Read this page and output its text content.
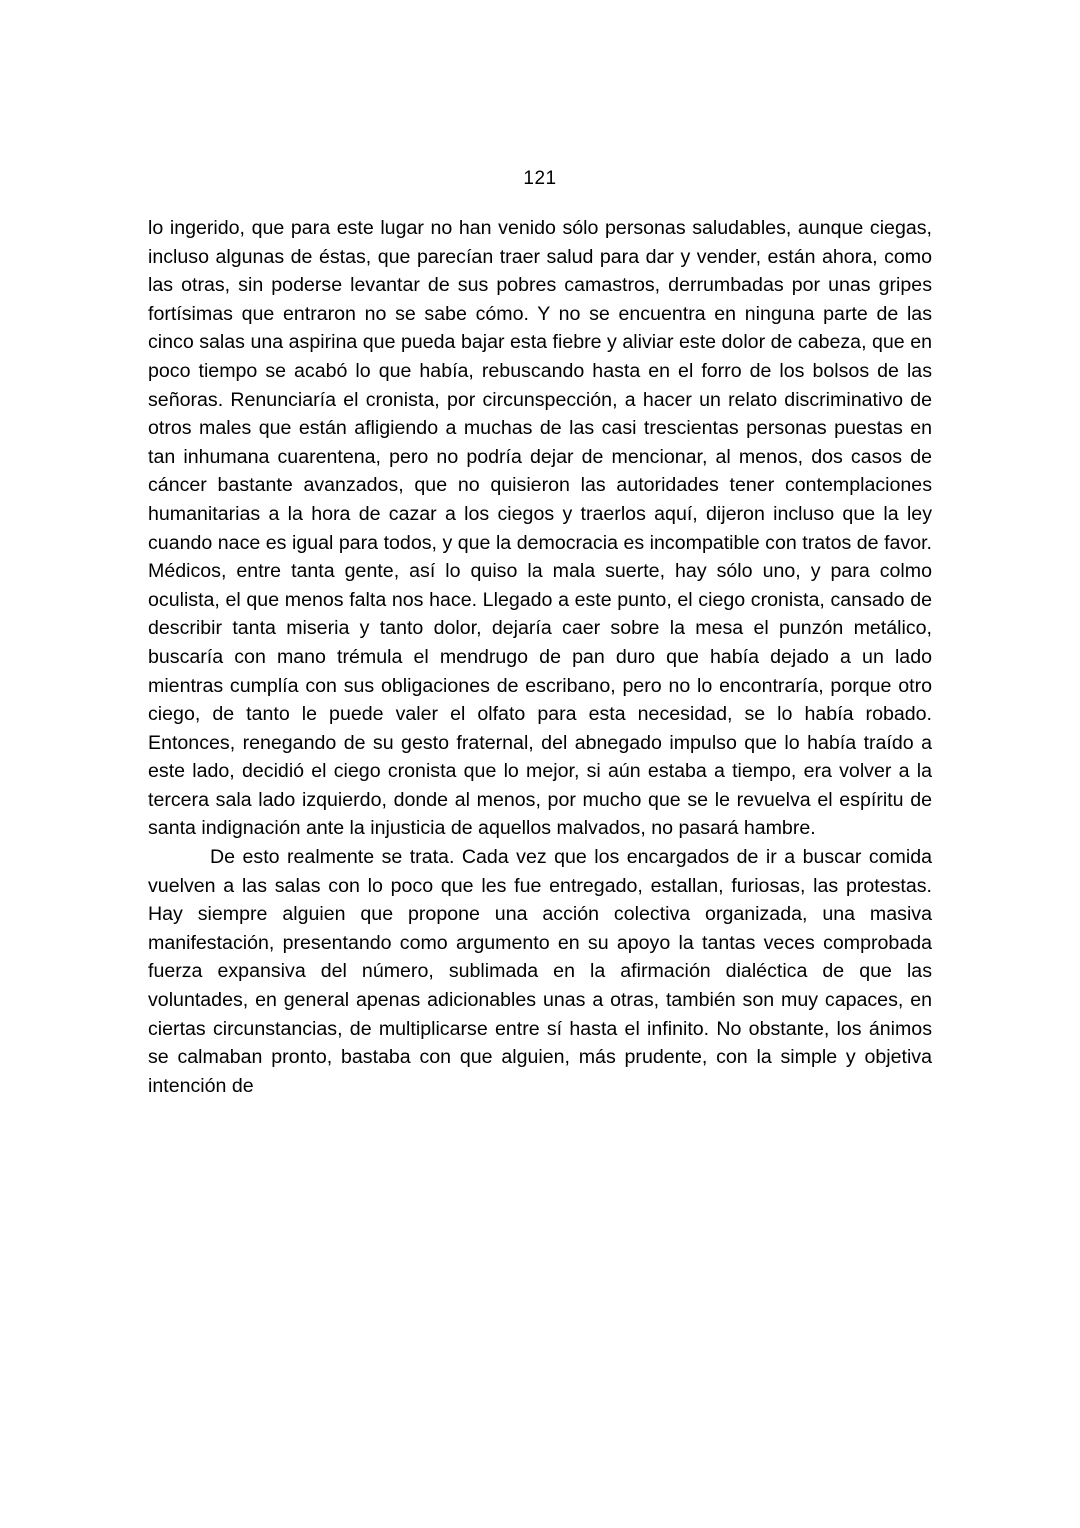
121

lo ingerido, que para este lugar no han venido sólo personas saludables, aunque ciegas, incluso algunas de éstas, que parecían traer salud para dar y vender, están ahora, como las otras, sin poderse levantar de sus pobres camastros, derrumbadas por unas gripes fortísimas que entraron no se sabe cómo. Y no se encuentra en ninguna parte de las cinco salas una aspirina que pueda bajar esta fiebre y aliviar este dolor de cabeza, que en poco tiempo se acabó lo que había, rebuscando hasta en el forro de los bolsos de las señoras. Renunciaría el cronista, por circunspección, a hacer un relato discriminativo de otros males que están afligiendo a muchas de las casi trescientas personas puestas en tan inhumana cuarentena, pero no podría dejar de mencionar, al menos, dos casos de cáncer bastante avanzados, que no quisieron las autoridades tener contemplaciones humanitarias a la hora de cazar a los ciegos y traerlos aquí, dijeron incluso que la ley cuando nace es igual para todos, y que la democracia es incompatible con tratos de favor. Médicos, entre tanta gente, así lo quiso la mala suerte, hay sólo uno, y para colmo oculista, el que menos falta nos hace. Llegado a este punto, el ciego cronista, cansado de describir tanta miseria y tanto dolor, dejaría caer sobre la mesa el punzón metálico, buscaría con mano trémula el mendrugo de pan duro que había dejado a un lado mientras cumplía con sus obligaciones de escribano, pero no lo encontraría, porque otro ciego, de tanto le puede valer el olfato para esta necesidad, se lo había robado. Entonces, renegando de su gesto fraternal, del abnegado impulso que lo había traído a este lado, decidió el ciego cronista que lo mejor, si aún estaba a tiempo, era volver a la tercera sala lado izquierdo, donde al menos, por mucho que se le revuelva el espíritu de santa indignación ante la injusticia de aquellos malvados, no pasará hambre.

De esto realmente se trata. Cada vez que los encargados de ir a buscar comida vuelven a las salas con lo poco que les fue entregado, estallan, furiosas, las protestas. Hay siempre alguien que propone una acción colectiva organizada, una masiva manifestación, presentando como argumento en su apoyo la tantas veces comprobada fuerza expansiva del número, sublimada en la afirmación dialéctica de que las voluntades, en general apenas adicionables unas a otras, también son muy capaces, en ciertas circunstancias, de multiplicarse entre sí hasta el infinito. No obstante, los ánimos se calmaban pronto, bastaba con que alguien, más prudente, con la simple y objetiva intención de
